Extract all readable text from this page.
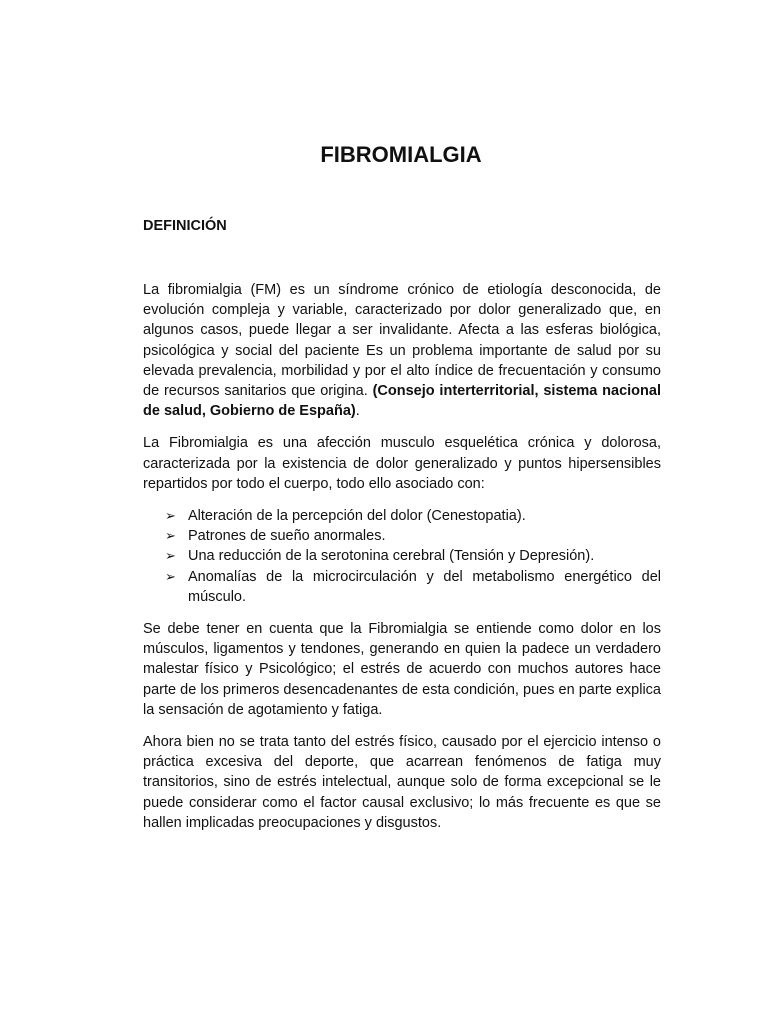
FIBROMIALGIA
DEFINICIÓN

La fibromialgia (FM) es un síndrome crónico de etiología desconocida, de evolución compleja y variable, caracterizado por dolor generalizado que, en algunos casos, puede llegar a ser invalidante. Afecta a las esferas biológica, psicológica y social del paciente Es un problema importante de salud por su elevada prevalencia, morbilidad y por el alto índice de frecuentación y consumo de recursos sanitarios que origina. (Consejo interterritorial, sistema nacional de salud, Gobierno de España).

La Fibromialgia es una afección musculo esquelética crónica y dolorosa, caracterizada por la existencia de dolor generalizado y puntos hipersensibles repartidos por todo el cuerpo, todo ello asociado con:

➢ Alteración de la percepción del dolor (Cenestopatia).
➢ Patrones de sueño anormales.
➢ Una reducción de la serotonina cerebral (Tensión y Depresión).
➢ Anomalías de la microcirculación y del metabolismo energético del músculo.

Se debe tener en cuenta que la Fibromialgia se entiende como dolor en los músculos, ligamentos y tendones, generando en quien la padece un verdadero malestar físico y Psicológico; el estrés de acuerdo con muchos autores hace parte de los primeros desencadenantes de esta condición, pues en parte explica la sensación de agotamiento y fatiga.

Ahora bien no se trata tanto del estrés físico, causado por el ejercicio intenso o práctica excesiva del deporte, que acarrean fenómenos de fatiga muy transitorios, sino de estrés intelectual, aunque solo de forma excepcional se le puede considerar como el factor causal exclusivo; lo más frecuente es que se hallen implicadas preocupaciones y disgustos.
